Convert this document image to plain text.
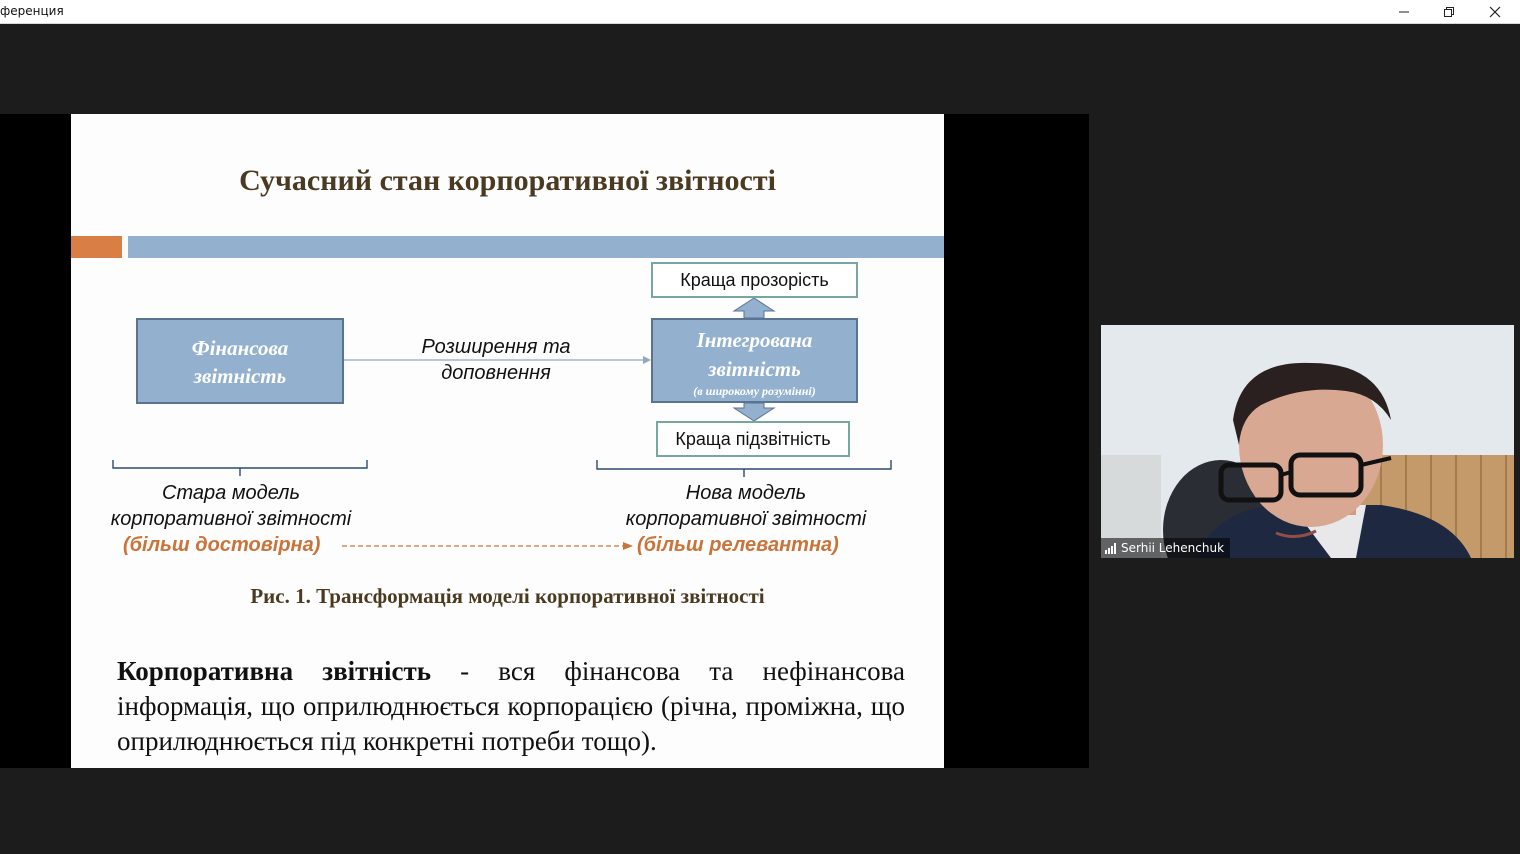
ференция
Сучасний стан корпоративної звітності
Фінансова
звітність
Розширення та
доповнення
Краща прозорість
Інтегрована
звітність
(в широкому розумінні)
Краща підзвітність
Стара модель
корпоративної звітності
(більш достовірна)
Нова модель
корпоративної звітності
(більш релевантна)
Рис. 1. Трансформація моделі корпоративної звітності
Корпоративна звітність - вся фінансова та нефінансова інформація, що оприлюднюється корпорацією (річна, проміжна, що оприлюднюється під конкретні потреби тощо).
Serhii Lehenchuk
